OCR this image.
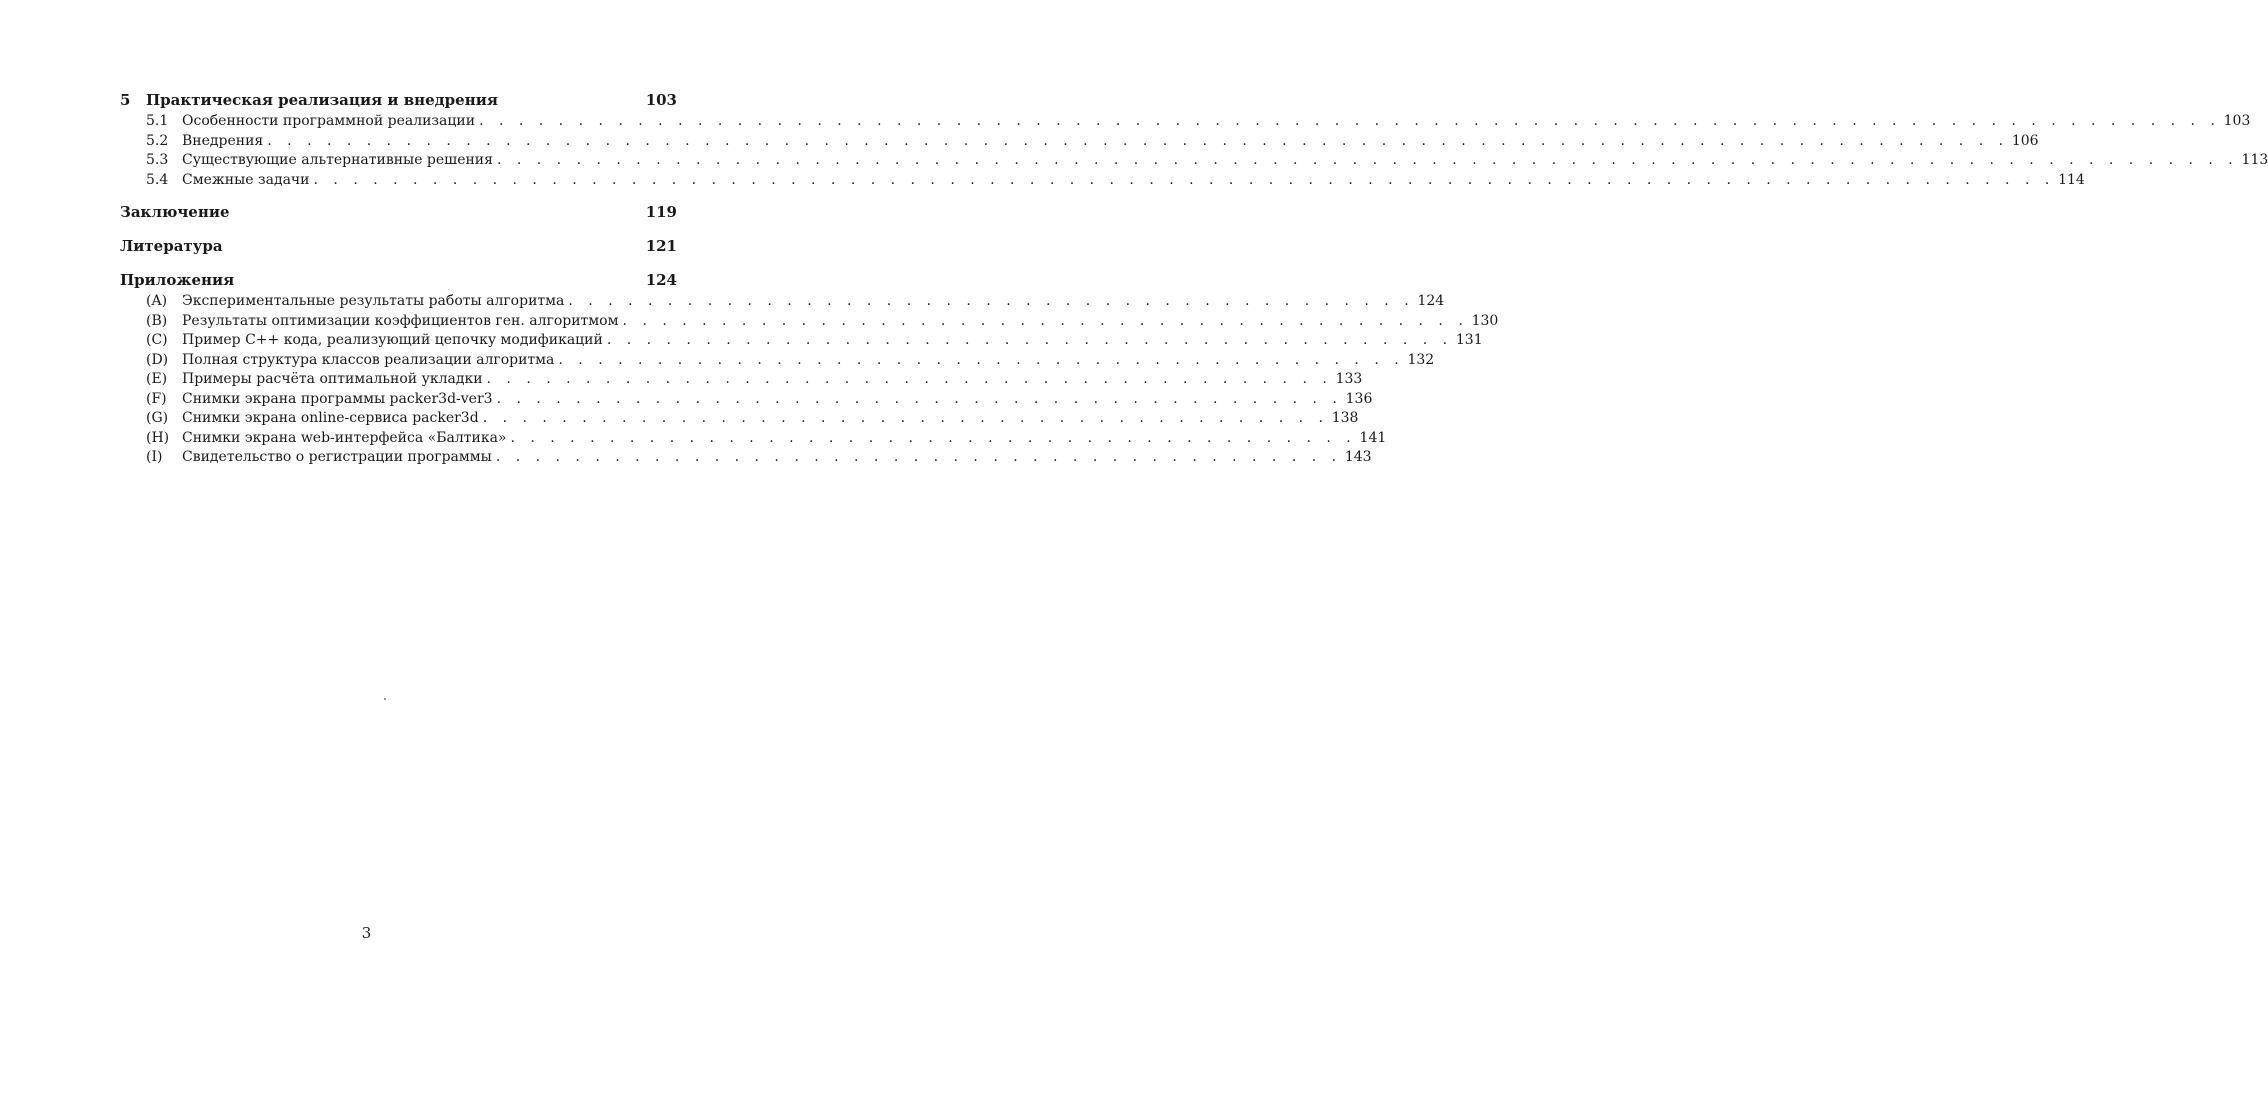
5	Практическая реализация и внедрения	103
5.1 Особенности программной реализации . . . . . . . . . . . . . . . . . . . . . . . . . . . . . . . . . . . . . . . . . . . . . . . . . . . . . . . . . . . . . . . . . . . . . . . . . . . . . . . . . . . . . . . . 103
5.2 Внедрения . . . . . . . . . . . . . . . . . . . . . . . . . . . . . . . . . . . . . . . . . . . . . . . . . . . . . . . . . . . . . . . . . . . . . . . . . . . . . . . . . . . . . . . . 106
5.3 Существующие альтернативные решения . . . . . . . . . . . . . . . . . . . . . . . . . . . . . . . . . . . . . . . . . . . . . . . . . . . . . . . . . . . . . . . . . . . . . . . . . . . . . . . . . . . . . . . . 113
5.4 Смежные задачи . . . . . . . . . . . . . . . . . . . . . . . . . . . . . . . . . . . . . . . . . . . . . . . . . . . . . . . . . . . . . . . . . . . . . . . . . . . . . . . . . . . . . . . . 114
Заключение	119
Литература	121
Приложения	124
(A)	Экспериментальные результаты работы алгоритма . . . . . . . . . . . . . . . . . . . . . . . . . . . . . . . . . . . . . . . . . . . 124
(B)	Результаты оптимизации коэффициентов ген. алгоритмом . . . . . . . . . . . . . . . . . . . . . . . . . . . . . . . . . . . . . . . . . . . 130
(C)	Пример C++ кода, реализующий цепочку модификаций . . . . . . . . . . . . . . . . . . . . . . . . . . . . . . . . . . . . . . . . . . . 131
(D) Полная структура классов реализации алгоритма . . . . . . . . . . . . . . . . . . . . . . . . . . . . . . . . . . . . . . . . . . . 132
(E)	Примеры расчёта оптимальной укладки . . . . . . . . . . . . . . . . . . . . . . . . . . . . . . . . . . . . . . . . . . . 133
(F)	Снимки экрана программы packer3d-ver3 . . . . . . . . . . . . . . . . . . . . . . . . . . . . . . . . . . . . . . . . . . . 136
(G) Снимки экрана online-сервиса packer3d . . . . . . . . . . . . . . . . . . . . . . . . . . . . . . . . . . . . . . . . . . . 138
(H) Снимки экрана web-интерфейса «Балтика» . . . . . . . . . . . . . . . . . . . . . . . . . . . . . . . . . . . . . . . . . . . 141
(I)	Свидетельство о регистрации программы . . . . . . . . . . . . . . . . . . . . . . . . . . . . . . . . . . . . . . . . . . . 143
3
